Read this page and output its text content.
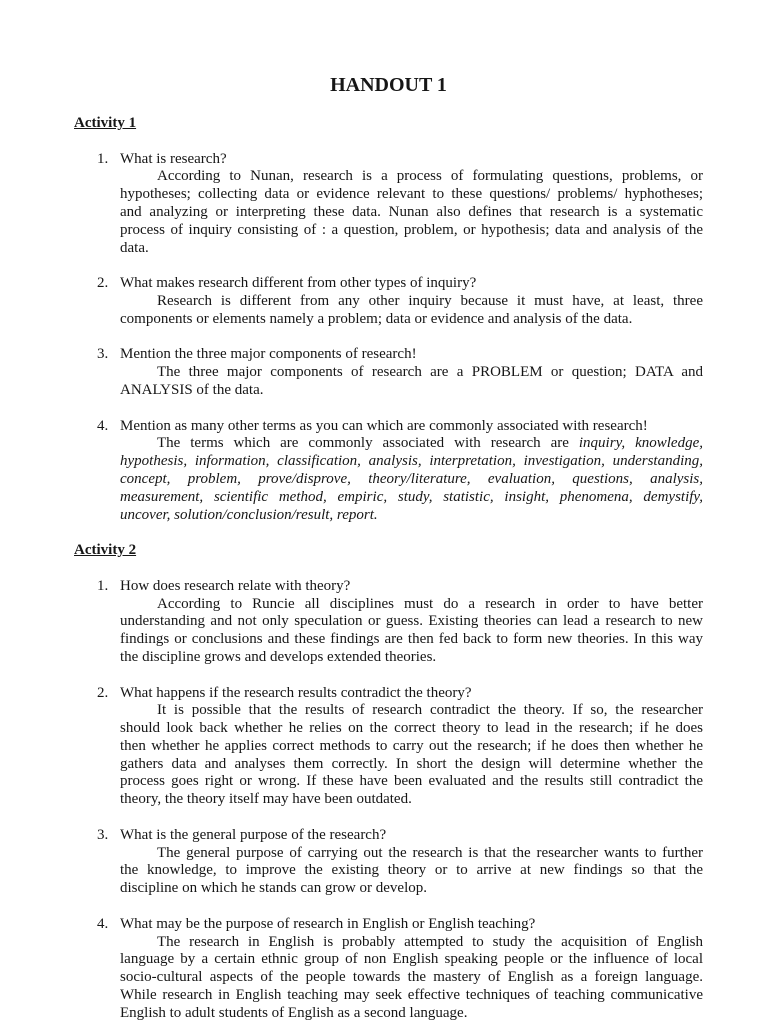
HANDOUT 1
Activity 1
1. What is research?
According to Nunan, research is a process of formulating questions, problems, or
hypotheses; collecting data or evidence relevant to these questions/ problems/ hyphotheses;
and analyzing or interpreting these data. Nunan also defines that research is a systematic
process of inquiry consisting of : a question, problem, or hypothesis; data and analysis of the
data.
2. What makes research different from other types of inquiry?
Research is different from any other inquiry because it must have, at least, three
components or elements namely a problem; data or evidence and analysis of the data.
3. Mention the three major components of research!
The three major components of research are a PROBLEM or question; DATA and
ANALYSIS of the data.
4. Mention as many other terms as you can which are commonly associated with research!
The terms which are commonly associated with research are inquiry, knowledge,
hypothesis, information, classification, analysis, interpretation, investigation, understanding,
concept, problem, prove/disprove, theory/literature, evaluation, questions, analysis,
measurement, scientific method, empiric, study, statistic, insight, phenomena, demystify,
uncover, solution/conclusion/result, report.
Activity 2
1. How does research relate with theory?
According to Runcie all disciplines must do a research in order to have better
understanding and not only speculation or guess. Existing theories can lead a research to new
findings or conclusions and these findings are then fed back to form new theories. In this way
the discipline grows and develops extended theories.
2. What happens if the research results contradict the theory?
It is possible that the results of research contradict the theory. If so, the researcher
should look back whether he relies on the correct theory to lead in the research; if he does
then whether he applies correct methods to carry out the research; if he does then whether he
gathers data and analyses them correctly. In short the design will determine whether the
process goes right or wrong. If these have been evaluated and the results still contradict the
theory, the theory itself may have been outdated.
3. What is the general purpose of the research?
The general purpose of carrying out the research is that the researcher wants to further
the knowledge, to improve the existing theory or to arrive at new findings so that the
discipline on which he stands can grow or develop.
4. What may be the purpose of research in English or English teaching?
The research in English is probably attempted to study the acquisition of English
language by a certain ethnic group of non English speaking people or the influence of local
socio-cultural aspects of the people towards the mastery of English as a foreign language.
While research in English teaching may seek effective techniques of teaching communicative
English to adult students of English as a second language.
